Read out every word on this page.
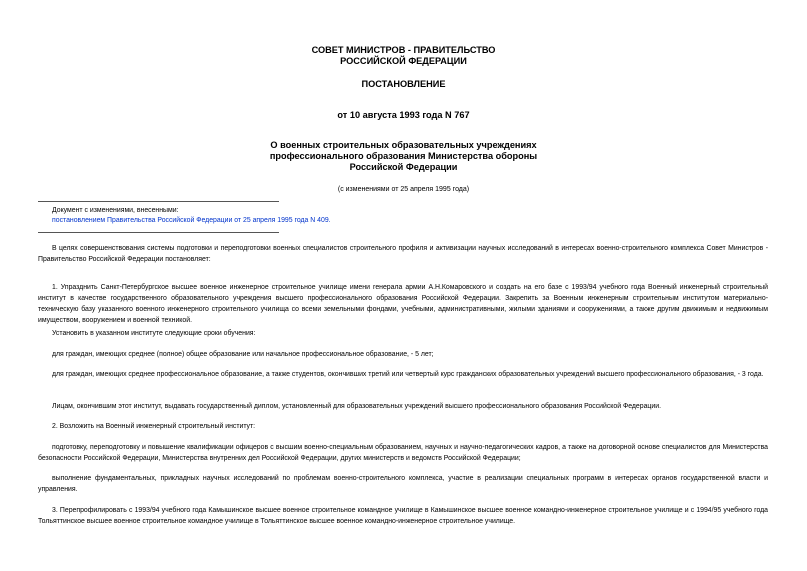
СОВЕТ МИНИСТРОВ - ПРАВИТЕЛЬСТВО
РОССИЙСКОЙ ФЕДЕРАЦИИ
ПОСТАНОВЛЕНИЕ
от 10 августа 1993 года N 767
О военных строительных образовательных учреждениях
профессионального образования Министерства обороны
Российской Федерации
(с изменениями от 25 апреля 1995 года)
Документ с изменениями, внесенными:
постановлением Правительства Российской Федерации от 25 апреля 1995 года N 409.

В целях совершенствования системы подготовки и переподготовки военных специалистов строительного профиля и активизации научных исследований в интересах военно-строительного комплекса Совет Министров - Правительство Российской Федерации постановляет:

1. Упразднить Санкт-Петербургское высшее военное инженерное строительное училище имени генерала армии А.Н.Комаровского и создать на его базе с 1993/94 учебного года Военный инженерный строительный институт в качестве государственного образовательного учреждения высшего профессионального образования Российской Федерации. Закрепить за Военным инженерным строительным институтом материально-техническую базу указанного военного инженерного строительного училища со всеми земельными фондами, учебными, административными, жилыми зданиями и сооружениями, а также другим движимым и недвижимым имуществом, вооружением и военной техникой.

Установить в указанном институте следующие сроки обучения:

для граждан, имеющих среднее (полное) общее образование или начальное профессиональное образование, - 5 лет;

для граждан, имеющих среднее профессиональное образование, а также студентов, окончивших третий или четвертый курс гражданских образовательных учреждений высшего профессионального образования, - 3 года.

Лицам, окончившим этот институт, выдавать государственный диплом, установленный для образовательных учреждений высшего профессионального образования Российской Федерации.

2. Возложить на Военный инженерный строительный институт:

подготовку, переподготовку и повышение квалификации офицеров с высшим военно-специальным образованием, научных и научно-педагогических кадров, а также на договорной основе специалистов для Министерства безопасности Российской Федерации, Министерства внутренних дел Российской Федерации, других министерств и ведомств Российской Федерации;

выполнение фундаментальных, прикладных научных исследований по проблемам военно-строительного комплекса, участие в реализации специальных программ в интересах органов государственной власти и управления.

3. Перепрофилировать с 1993/94 учебного года Камышинское высшее военное строительное командное училище в Камышинское высшее военное командно-инженерное строительное училище и с 1994/95 учебного года Тольяттинское высшее военное строительное командное училище в Тольяттинское высшее военное командно-инженерное строительное училище.
